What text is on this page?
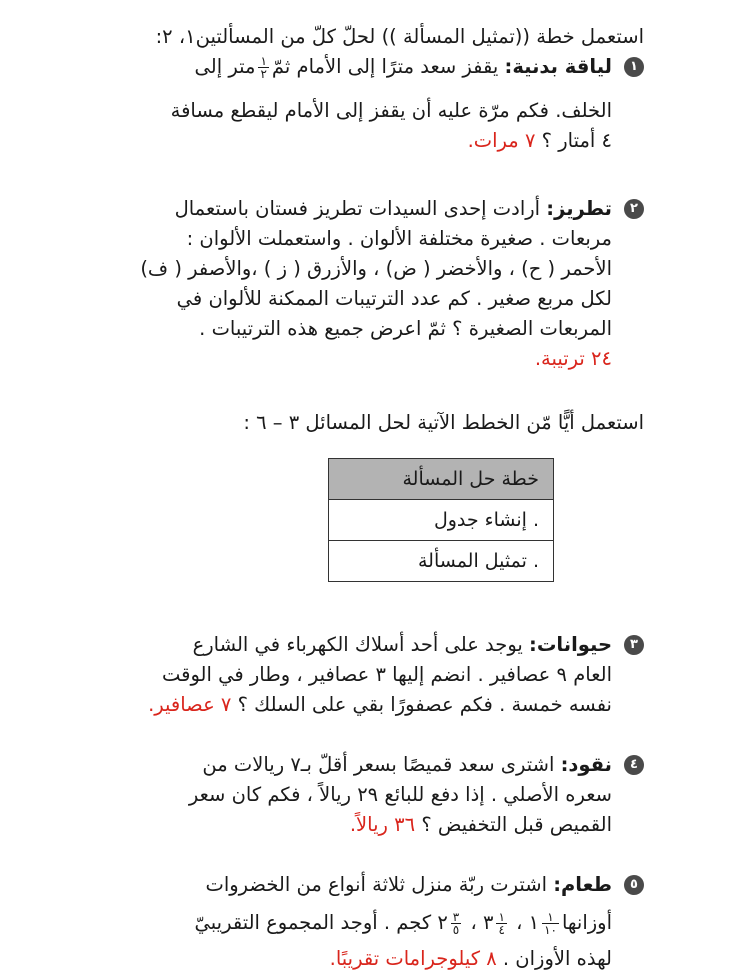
استعمل خطة ((تمثيل المسألة )) لحلّ كلّ من المسألتين١، ٢:

١
لياقة بدنية: يقفز سعد مترًا إلى الأمام ثمّ
$\frac{١}{٢}$
متر إلى
الخلف. فكم مرّة عليه أن يقفز إلى الأمام ليقطع مسافة
٤ أمتار ؟ ٧ مرات.
٢
تطريز: أرادت إحدى السيدات تطريز فستان باستعمال
مربعات . صغيرة مختلفة الألوان . واستعملت الألوان :
الأحمر ( ح) ، والأخضر ( ض) ، والأزرق ( ز ) ،والأصفر ( ف)
لكل مربع صغير . كم عدد الترتيبات الممكنة للألوان في
المربعات الصغيرة ؟ ثمّ اعرض جميع هذه الترتيبات .
٢٤ ترتيبة.

استعمل أيًّا مّن الخطط الآتية لحل المسائل ٣ – ٦ :

خطة حل المسألة
. إنشاء جدول
. تمثيل المسألة
٣
حيوانات: يوجد على أحد أسلاك الكهرباء في الشارع
العام ٩ عصافير . انضم إليها ٣ عصافير ، وطار في الوقت
نفسه خمسة . فكم عصفورًا بقي على السلك ؟ ٧ عصافير.
٤
نقود: اشترى سعد قميصًا بسعر أقلّ بـ٧ ريالات من
سعره الأصلي . إذا دفع للبائع ٢٩ ريالاً ، فكم كان سعر
القميص قبل التخفيض ؟ ٣٦ ريالاً.
٥
طعام: اشترت ربّة منزل ثلاثة أنواع من الخضروات
أوزانها
$\frac{١}{١٠}$
١ ،
$\frac{١}{٤}$
٣ ،
$\frac{٣}{٥}$
٢ كجم . أوجد المجموع التقريبيّ
لهذه الأوزان . ٨ كيلوجرامات تقريبًا.
